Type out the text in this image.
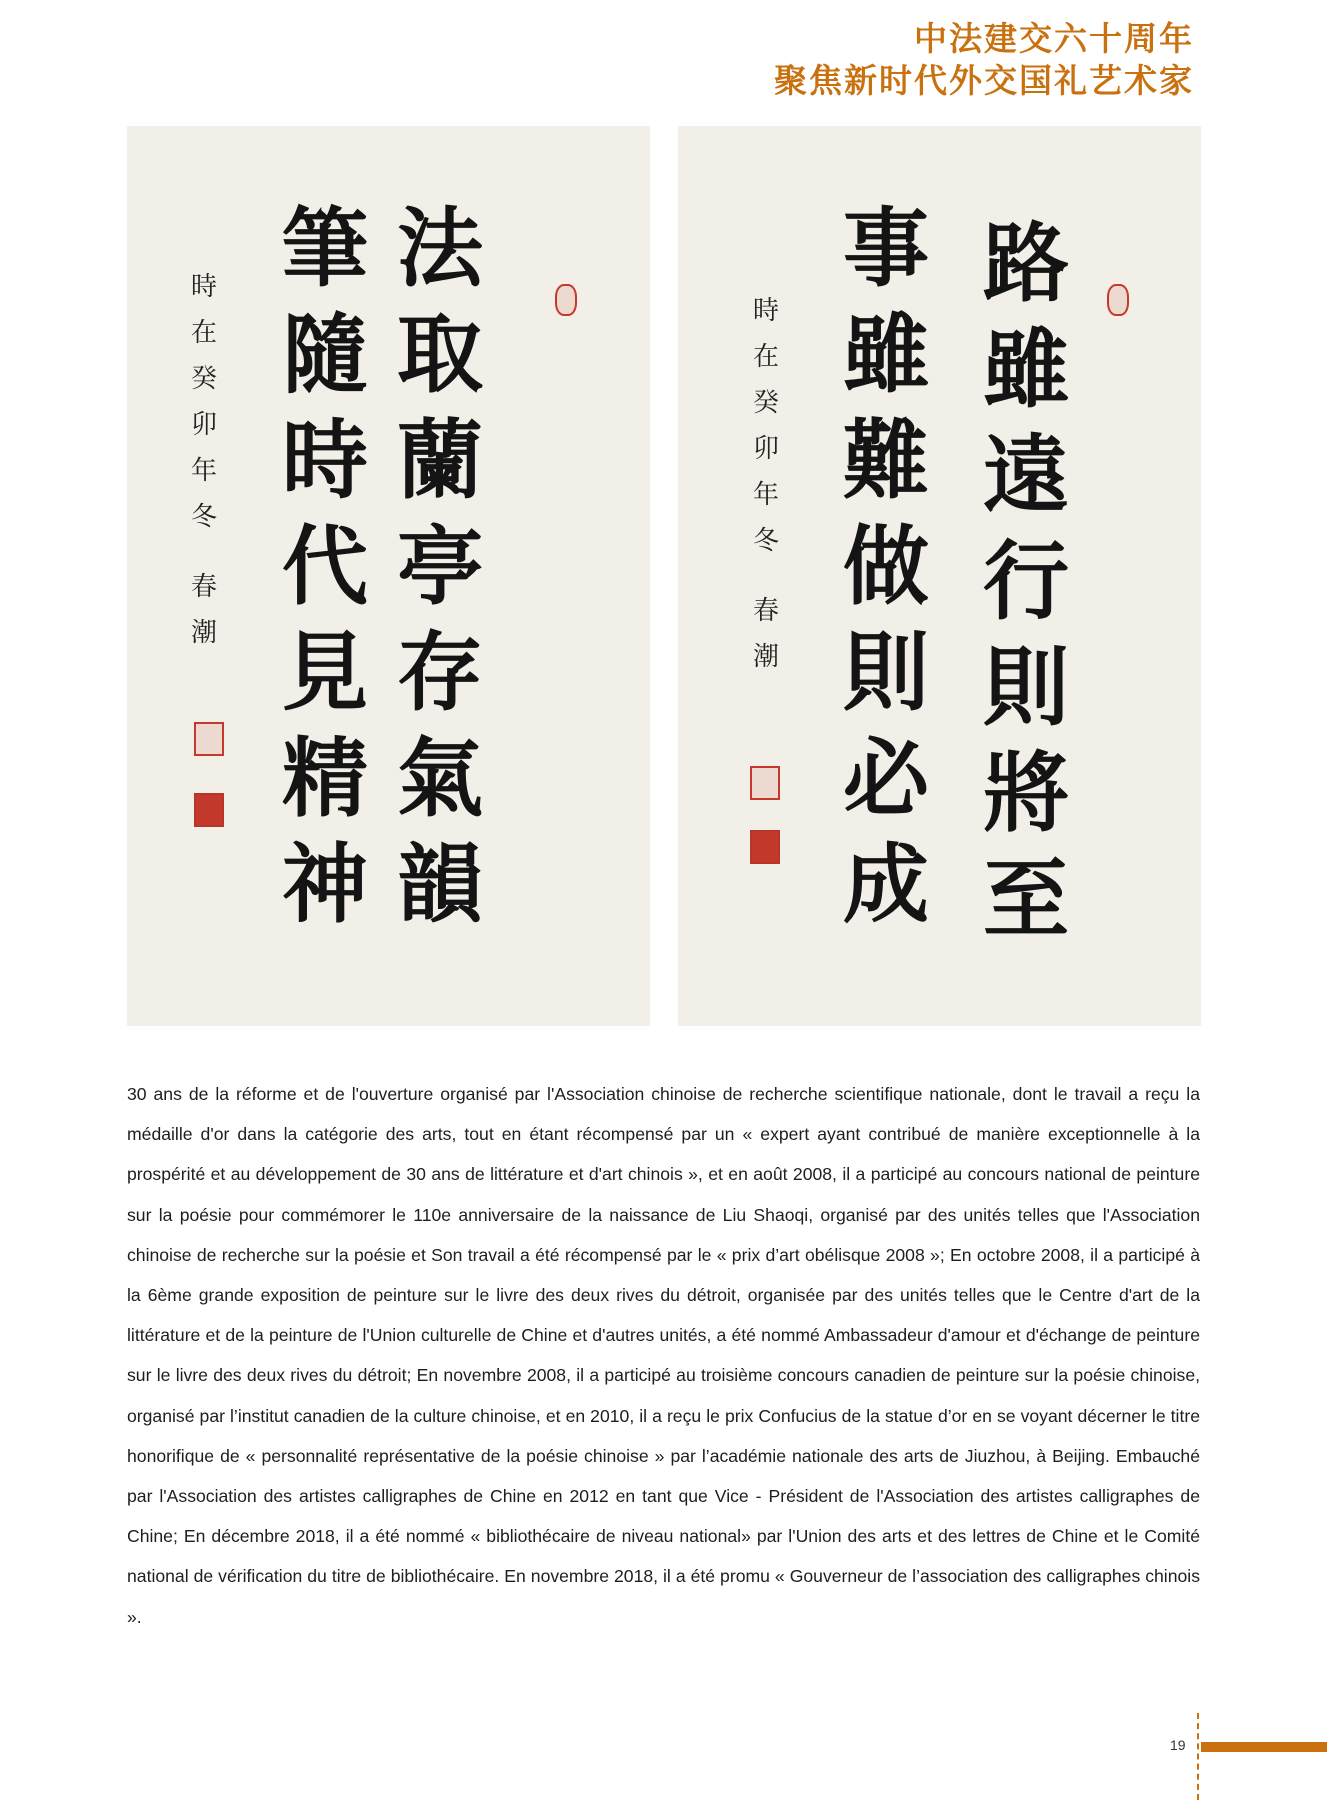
中法建交六十周年
聚焦新时代外交国礼艺术家
法
取
蘭
亭
存
氣
韻
筆
隨
時
代
見
精
神
時
在
癸
卯
年
冬
春
潮
路
雖
遠
行
則
將
至
事
雖
難
做
則
必
成
時
在
癸
卯
年
冬
春
潮

30 ans de la réforme et de l'ouverture organisé par l'Association chinoise de recherche scientifique nationale, dont le travail a reçu la médaille d'or dans la catégorie des arts, tout en étant récompensé par un « expert ayant contribué de manière exceptionnelle à la prospérité et au développement de 30 ans de littérature et d'art chinois », et en août 2008, il a participé au concours national de peinture sur la poésie pour commémorer le 110e anniversaire de la naissance de Liu Shaoqi, organisé par des unités telles que l'Association chinoise de recherche sur la poésie et Son travail a été récompensé par le « prix d’art obélisque 2008 »; En octobre 2008, il a participé à la 6ème grande exposition de peinture sur le livre des deux rives du détroit, organisée par des unités telles que le Centre d'art de la littérature et de la peinture de l'Union culturelle de Chine et d'autres unités, a été nommé Ambassadeur d'amour et d'échange de peinture sur le livre des deux rives du détroit; En novembre 2008, il a participé au troisième concours canadien de peinture sur la poésie chinoise, organisé par l’institut canadien de la culture chinoise, et en 2010, il a reçu le prix Confucius de la statue d’or en se voyant décerner le titre honorifique de « personnalité représentative de la poésie chinoise » par l’académie nationale des arts de Jiuzhou, à Beijing. Embauché par l'Association des artistes calligraphes de Chine en 2012 en tant que Vice - Président de l'Association des artistes calligraphes de Chine; En décembre 2018, il a été nommé « bibliothécaire de niveau national» par l'Union des arts et des lettres de Chine et le Comité national de vérification du titre de bibliothécaire. En novembre 2018, il a été promu « Gouverneur de l’association des calligraphes chinois ».

19
